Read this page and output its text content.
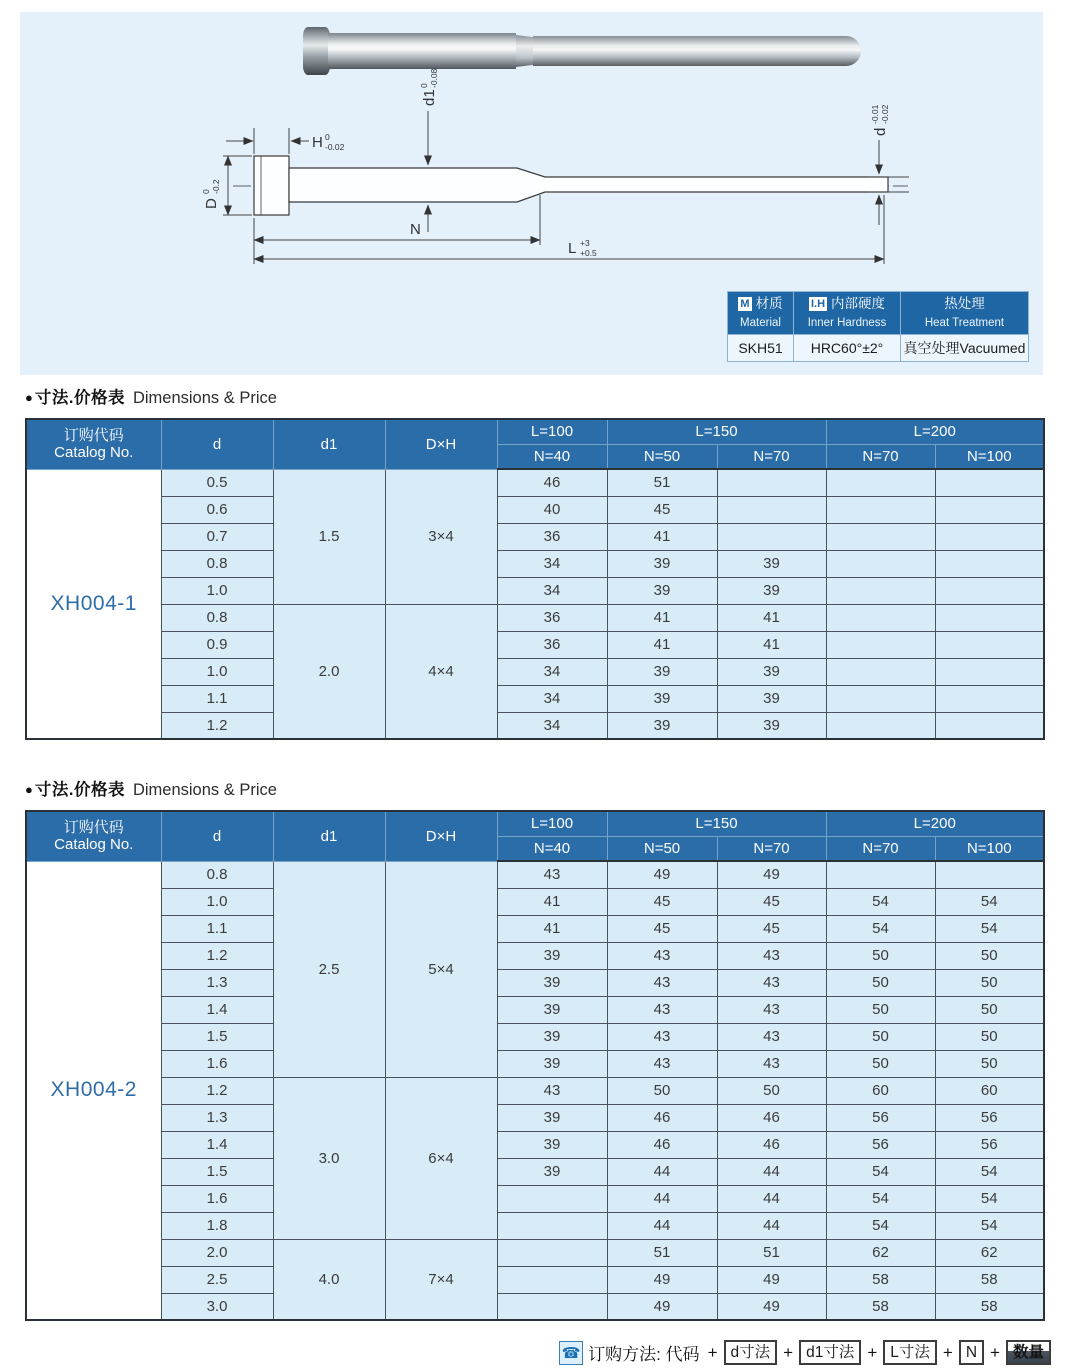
D
0 -0.2
H 0
-0.02
d1
0 -0.08
d
-0.01 -0.02
N
L +3
+0.5
M 材质
Material	I.H 内部硬度
Inner Hardness	热处理
Heat Treatment
SKH51	HRC60°±2°	真空处理Vacuumed
● 寸法.价格表 Dimensions & Price
订购代码
Catalog No.	d	d1	D×H	L=100	L=150		L=200	
				N=40	N=50	N=70	N=70	N=100
XH004-1	0.5	1.5	3×4	46	51			
	0.6			40	45			
	0.7			36	41			
	0.8			34	39	39		
	1.0			34	39	39		
	0.8	2.0	4×4	36	41	41		
	0.9			36	41	41		
	1.0			34	39	39		
	1.1			34	39	39		
	1.2			34	39	39		
● 寸法.价格表 Dimensions & Price
订购代码
Catalog No.	d	d1	D×H	L=100	L=150		L=200	
				N=40	N=50	N=70	N=70	N=100
XH004-2	0.8	2.5	5×4	43	49	49		
	1.0			41	45	45	54	54
	1.1			41	45	45	54	54
	1.2			39	43	43	50	50
	1.3			39	43	43	50	50
	1.4			39	43	43	50	50
	1.5			39	43	43	50	50
	1.6			39	43	43	50	50
	1.2	3.0	6×4	43	50	50	60	60
	1.3			39	46	46	56	56
	1.4			39	46	46	56	56
	1.5			39	44	44	54	54
	1.6				44	44	54	54
	1.8				44	44	54	54
	2.0	4.0	7×4		51	51	62	62
	2.5				49	49	58	58
	3.0				49	49	58	58
☎ 订购方法: 代码 + d寸法 + d1寸法 + L寸法 + N + 数量
